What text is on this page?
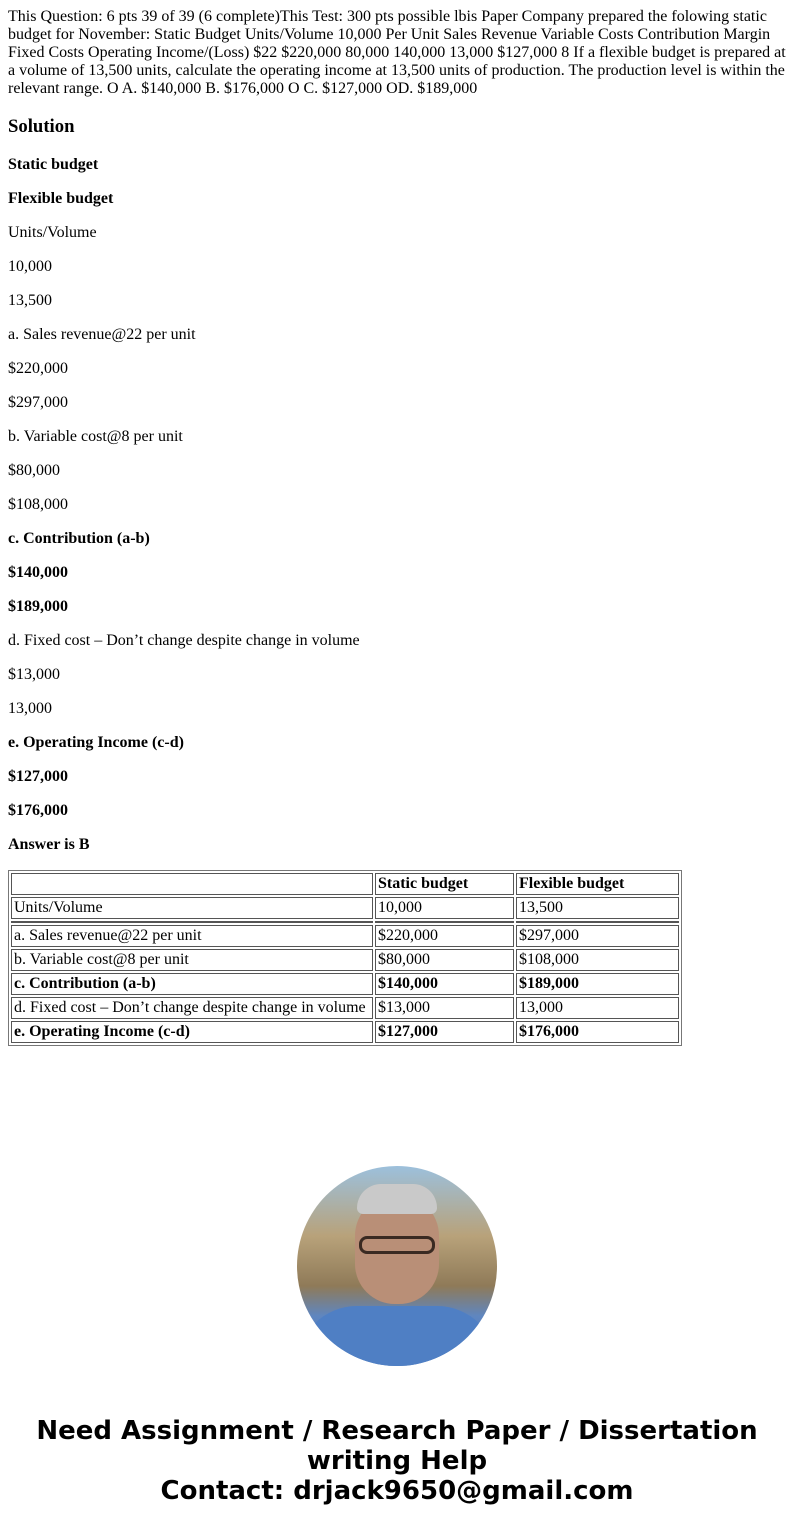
This Question: 6 pts 39 of 39 (6 complete)This Test: 300 pts possible lbis Paper Company prepared the folowing static budget for November: Static Budget Units/Volume 10,000 Per Unit Sales Revenue Variable Costs Contribution Margin Fixed Costs Operating Income/(Loss) $22 $220,000 80,000 140,000 13,000 $127,000 8 If a flexible budget is prepared at a volume of 13,500 units, calculate the operating income at 13,500 units of production. The production level is within the relevant range. O A. $140,000 B. $176,000 O C. $127,000 OD. $189,000
Solution

Static budget

Flexible budget

Units/Volume

10,000

13,500

a. Sales revenue@22 per unit

$220,000

$297,000

b. Variable cost@8 per unit

$80,000

$108,000

c. Contribution (a-b)

$140,000

$189,000

d. Fixed cost – Don’t change despite change in volume

$13,000

13,000

e. Operating Income (c-d)

$127,000

$176,000

Answer is B

	Static budget	Flexible budget
Units/Volume	10,000	13,500

a. Sales revenue@22 per unit	$220,000	$297,000
b. Variable cost@8 per unit	$80,000	$108,000
c. Contribution (a-b)	$140,000	$189,000
d. Fixed cost – Don’t change despite change in volume	$13,000	13,000
e. Operating Income (c-d)	$127,000	$176,000
Need Assignment / Research Paper / Dissertation writing Help
Contact: drjack9650@gmail.com
